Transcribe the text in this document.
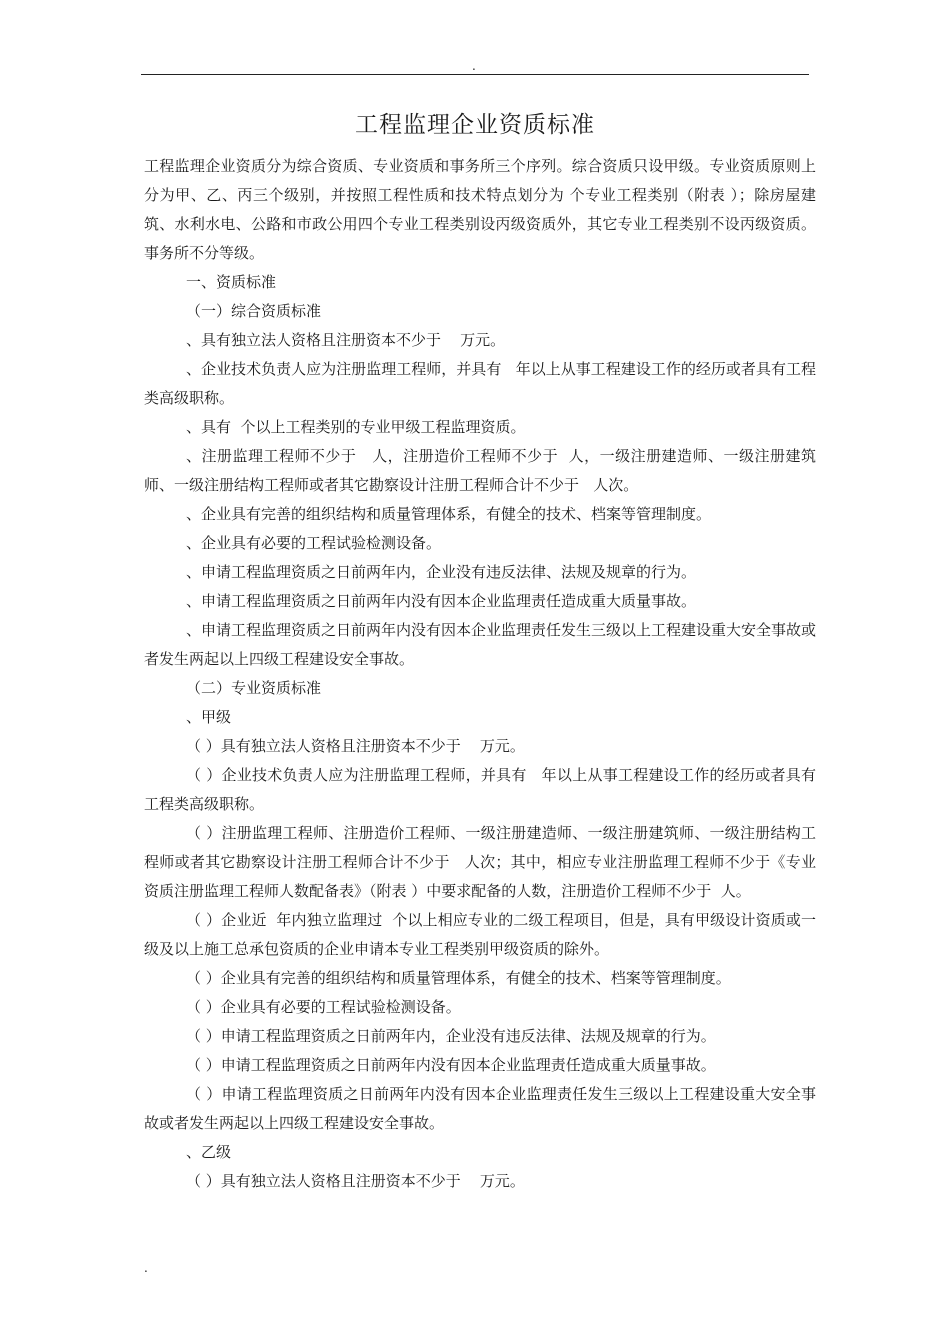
.
工程监理企业资质标准

工程监理企业资质分为综合资质、专业资质和事务所三个序列。综合资质只设甲级。专业资质原则上分为甲、乙、丙三个级别，并按照工程性质和技术特点划分为 个专业工程类别（附表 ）；除房屋建筑、水利水电、公路和市政公用四个专业工程类别设丙级资质外，其它专业工程类别不设丙级资质。事务所不分等级。

一、资质标准

（一）综合资质标准

、具有独立法人资格且注册资本不少于    万元。

、企业技术负责人应为注册监理工程师，并具有   年以上从事工程建设工作的经历或者具有工程类高级职称。

、具有  个以上工程类别的专业甲级工程监理资质。

、注册监理工程师不少于   人，注册造价工程师不少于  人，一级注册建造师、一级注册建筑师、一级注册结构工程师或者其它勘察设计注册工程师合计不少于   人次。

、企业具有完善的组织结构和质量管理体系，有健全的技术、档案等管理制度。

、企业具有必要的工程试验检测设备。

、申请工程监理资质之日前两年内，企业没有违反法律、法规及规章的行为。

、申请工程监理资质之日前两年内没有因本企业监理责任造成重大质量事故。

、申请工程监理资质之日前两年内没有因本企业监理责任发生三级以上工程建设重大安全事故或者发生两起以上四级工程建设安全事故。

（二）专业资质标准

、甲级

（ ）具有独立法人资格且注册资本不少于    万元。

（ ）企业技术负责人应为注册监理工程师，并具有   年以上从事工程建设工作的经历或者具有工程类高级职称。

（ ）注册监理工程师、注册造价工程师、一级注册建造师、一级注册建筑师、一级注册结构工程师或者其它勘察设计注册工程师合计不少于   人次；其中，相应专业注册监理工程师不少于《专业资质注册监理工程师人数配备表》（附表 ）中要求配备的人数，注册造价工程师不少于  人。

（ ）企业近  年内独立监理过  个以上相应专业的二级工程项目，但是，具有甲级设计资质或一级及以上施工总承包资质的企业申请本专业工程类别甲级资质的除外。

（ ）企业具有完善的组织结构和质量管理体系，有健全的技术、档案等管理制度。

（ ）企业具有必要的工程试验检测设备。

（ ）申请工程监理资质之日前两年内，企业没有违反法律、法规及规章的行为。

（ ）申请工程监理资质之日前两年内没有因本企业监理责任造成重大质量事故。

（ ）申请工程监理资质之日前两年内没有因本企业监理责任发生三级以上工程建设重大安全事故或者发生两起以上四级工程建设安全事故。

、乙级

（ ）具有独立法人资格且注册资本不少于    万元。

.
